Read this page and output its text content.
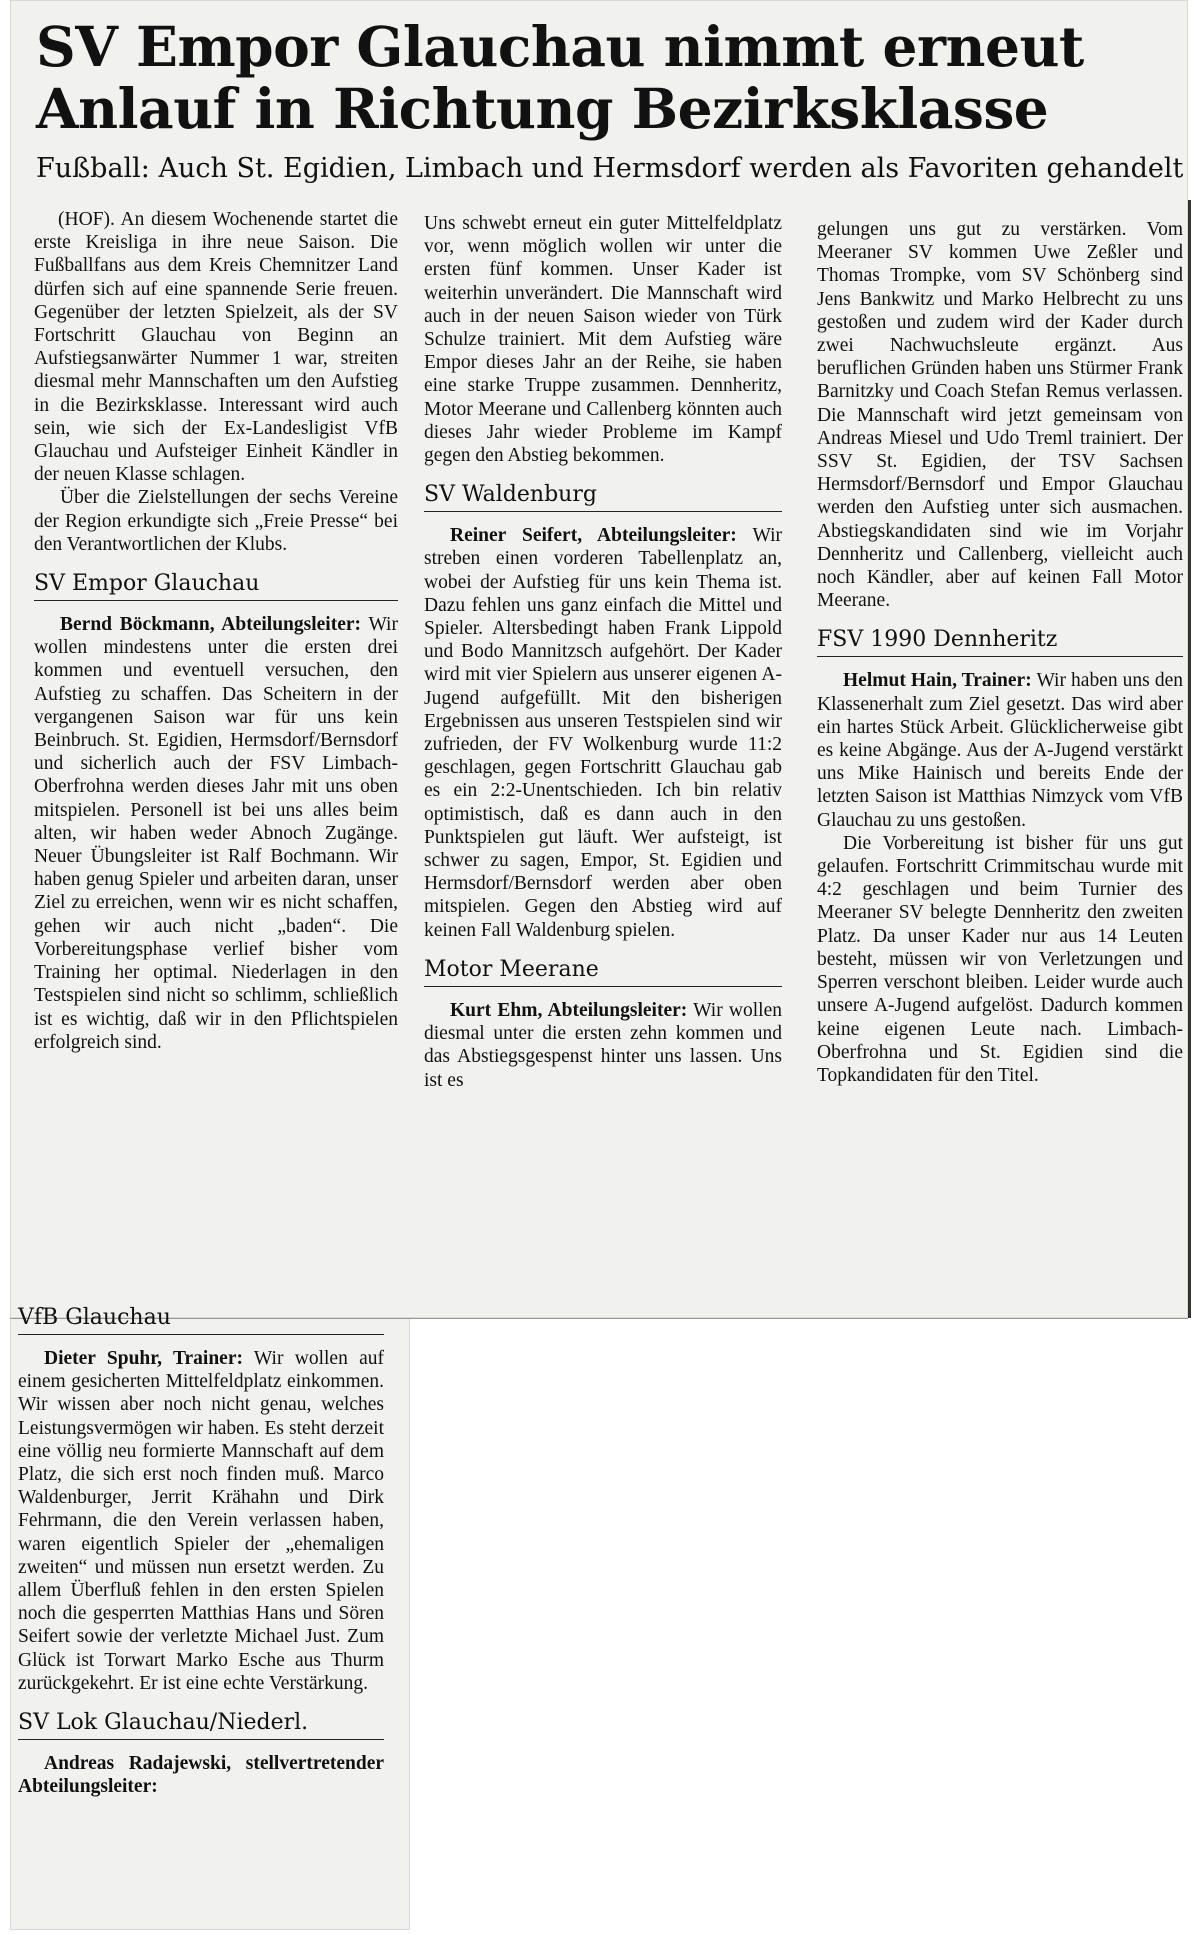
SV Empor Glauchau nimmt erneut Anlauf in Richtung Bezirksklasse
Fußball: Auch St. Egidien, Limbach und Hermsdorf werden als Favoriten gehandelt

(HOF). An diesem Wochenende startet die erste Kreisliga in ihre neue Saison. Die Fußballfans aus dem Kreis Chemnitzer Land dürfen sich auf eine spannende Serie freuen. Gegenüber der letzten Spielzeit, als der SV Fortschritt Glauchau von Beginn an Aufstiegsanwärter Nummer 1 war, streiten diesmal mehr Mannschaften um den Aufstieg in die Bezirksklasse. Interessant wird auch sein, wie sich der Ex-Landesligist VfB Glauchau und Aufsteiger Einheit Kändler in der neuen Klasse schlagen.

Über die Zielstellungen der sechs Vereine der Region erkundigte sich „Freie Presse“ bei den Verantwortlichen der Klubs.

SV Empor Glauchau

Bernd Böckmann, Abteilungsleiter: Wir wollen mindestens unter die ersten drei kommen und eventuell versuchen, den Aufstieg zu schaffen. Das Scheitern in der vergangenen Saison war für uns kein Beinbruch. St. Egidien, Hermsdorf/Bernsdorf und sicherlich auch der FSV Limbach-Oberfrohna werden dieses Jahr mit uns oben mitspielen. Personell ist bei uns alles beim alten, wir haben weder Abnoch Zugänge. Neuer Übungsleiter ist Ralf Bochmann. Wir haben genug Spieler und arbeiten daran, unser Ziel zu erreichen, wenn wir es nicht schaffen, gehen wir auch nicht „baden“. Die Vorbereitungsphase verlief bisher vom Training her optimal. Niederlagen in den Testspielen sind nicht so schlimm, schließlich ist es wichtig, daß wir in den Pflichtspielen erfolgreich sind.

VfB Glauchau

Dieter Spuhr, Trainer: Wir wollen auf einem gesicherten Mittelfeldplatz einkommen. Wir wissen aber noch nicht genau, welches Leistungsvermögen wir haben. Es steht derzeit eine völlig neu formierte Mannschaft auf dem Platz, die sich erst noch finden muß. Marco Waldenburger, Jerrit Krähahn und Dirk Fehrmann, die den Verein verlassen haben, waren eigentlich Spieler der „ehemaligen zweiten“ und müssen nun ersetzt werden. Zu allem Überfluß fehlen in den ersten Spielen noch die gesperrten Matthias Hans und Sören Seifert sowie der verletzte Michael Just. Zum Glück ist Torwart Marko Esche aus Thurm zurückgekehrt. Er ist eine echte Verstärkung.

SV Lok Glauchau/Niederl.

Andreas Radajewski, stellvertretender Abteilungsleiter:

Uns schwebt erneut ein guter Mittelfeldplatz vor, wenn möglich wollen wir unter die ersten fünf kommen. Unser Kader ist weiterhin unverändert. Die Mannschaft wird auch in der neuen Saison wieder von Türk Schulze trainiert. Mit dem Aufstieg wäre Empor dieses Jahr an der Reihe, sie haben eine starke Truppe zusammen. Dennheritz, Motor Meerane und Callenberg könnten auch dieses Jahr wieder Probleme im Kampf gegen den Abstieg bekommen.

SV Waldenburg

Reiner Seifert, Abteilungsleiter: Wir streben einen vorderen Tabellenplatz an, wobei der Aufstieg für uns kein Thema ist. Dazu fehlen uns ganz einfach die Mittel und Spieler. Altersbedingt haben Frank Lippold und Bodo Mannitzsch aufgehört. Der Kader wird mit vier Spielern aus unserer eigenen A-Jugend aufgefüllt. Mit den bisherigen Ergebnissen aus unseren Testspielen sind wir zufrieden, der FV Wolkenburg wurde 11:2 geschlagen, gegen Fortschritt Glauchau gab es ein 2:2-Unentschieden. Ich bin relativ optimistisch, daß es dann auch in den Punktspielen gut läuft. Wer aufsteigt, ist schwer zu sagen, Empor, St. Egidien und Hermsdorf/Bernsdorf werden aber oben mitspielen. Gegen den Abstieg wird auf keinen Fall Waldenburg spielen.

Motor Meerane

Kurt Ehm, Abteilungsleiter: Wir wollen diesmal unter die ersten zehn kommen und das Abstiegsgespenst hinter uns lassen. Uns ist es

gelungen uns gut zu verstärken. Vom Meeraner SV kommen Uwe Zeßler und Thomas Trompke, vom SV Schönberg sind Jens Bankwitz und Marko Helbrecht zu uns gestoßen und zudem wird der Kader durch zwei Nachwuchsleute ergänzt. Aus beruflichen Gründen haben uns Stürmer Frank Barnitzky und Coach Stefan Remus verlassen. Die Mannschaft wird jetzt gemeinsam von Andreas Miesel und Udo Treml trainiert. Der SSV St. Egidien, der TSV Sachsen Hermsdorf/Bernsdorf und Empor Glauchau werden den Aufstieg unter sich ausmachen. Abstiegskandidaten sind wie im Vorjahr Dennheritz und Callenberg, vielleicht auch noch Kändler, aber auf keinen Fall Motor Meerane.

FSV 1990 Dennheritz

Helmut Hain, Trainer: Wir haben uns den Klassenerhalt zum Ziel gesetzt. Das wird aber ein hartes Stück Arbeit. Glücklicherweise gibt es keine Abgänge. Aus der A-Jugend verstärkt uns Mike Hainisch und bereits Ende der letzten Saison ist Matthias Nimzyck vom VfB Glauchau zu uns gestoßen.

Die Vorbereitung ist bisher für uns gut gelaufen. Fortschritt Crimmitschau wurde mit 4:2 geschlagen und beim Turnier des Meeraner SV belegte Dennheritz den zweiten Platz. Da unser Kader nur aus 14 Leuten besteht, müssen wir von Verletzungen und Sperren verschont bleiben. Leider wurde auch unsere A-Jugend aufgelöst. Dadurch kommen keine eigenen Leute nach. Limbach-Oberfrohna und St. Egidien sind die Topkandidaten für den Titel.
